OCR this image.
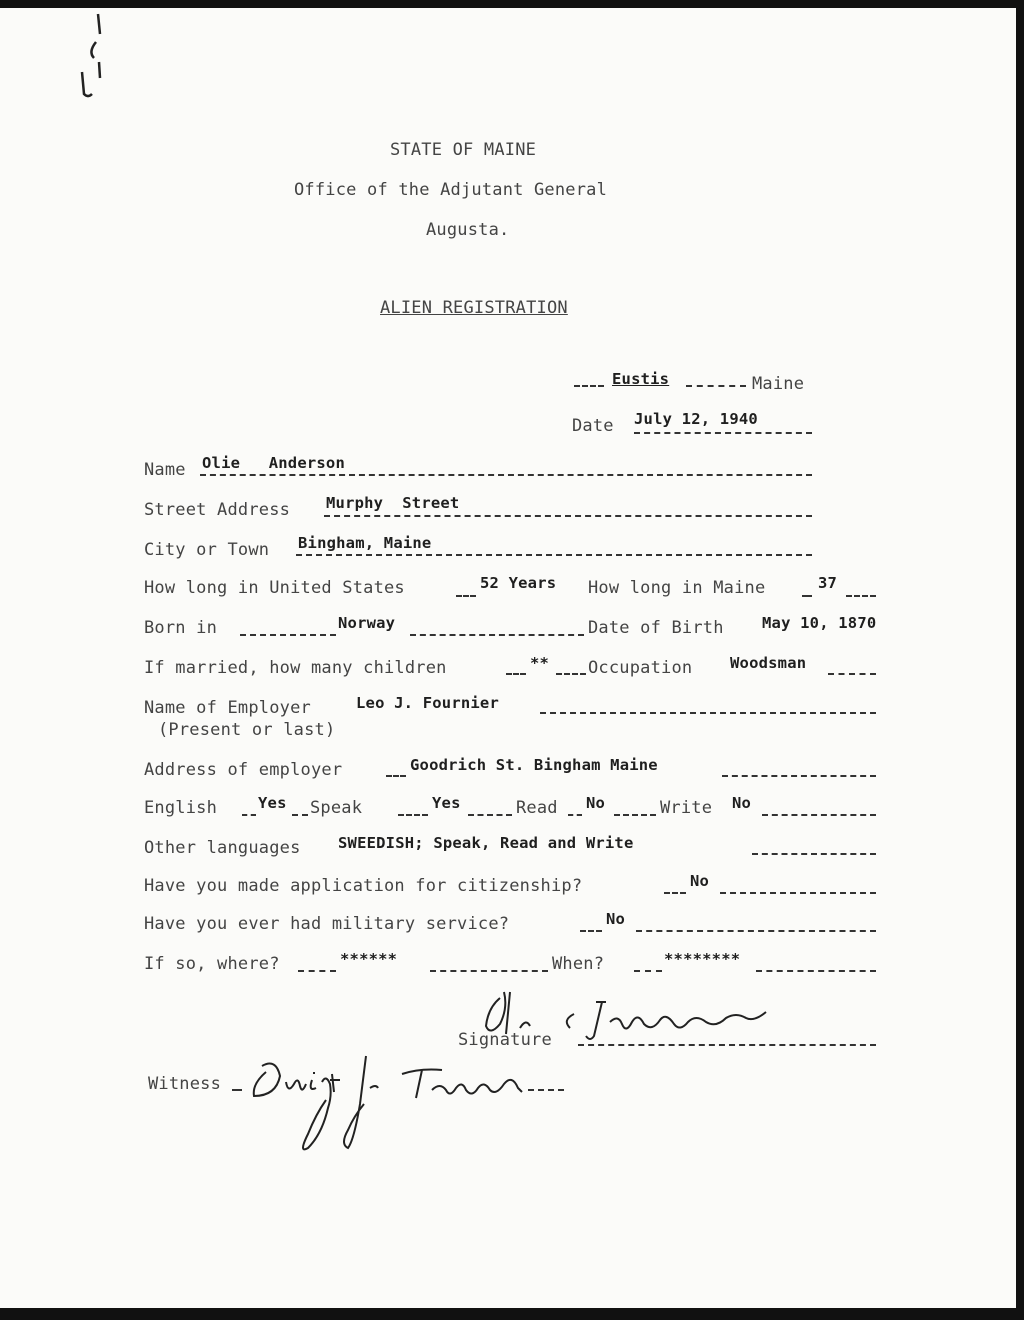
STATE OF MAINE
Office of the Adjutant General
Augusta.
ALIEN REGISTRATION
Eustis	Maine
Date July 12, 1940
Name Olie   Anderson
Street Address Murphy  Street
City or Town Bingham, Maine
How long in United States	52 Years How long in Maine	37
Born in	Norway	Date of Birth May 10, 1870
If married, how many children	** Occupation Woodsman
Name of Employer
(Present or last)
Leo J. Fournier
Address of employer	Goodrich St. Bingham Maine
English	Yes Speak	Yes	Read No	Write No
Other languages SWEEDISH; Speak, Read and Write
Have you made application for citizenship?	No
Have you ever had military service?	No
If so, where?	******	When?	********
Signature
Witness
